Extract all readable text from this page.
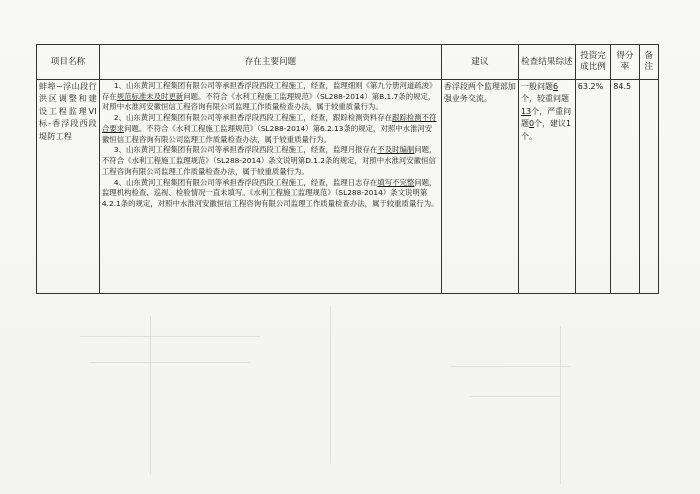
项目名称	存在主要问题	建议	检查结果综述	投资完成比例	得分率	备注
蚌埠~浮山段行洪区调整和建设工程监理VI标-香浮段西段堤防工程	1、山东黄河工程集团有限公司等承担香浮段西段工程施工，经查，监理细则《第九分册河道疏浚》存在规范标准未及时更新问题。不符合《水利工程施工监理规范》（SL288-2014）第B.1.7条的规定，对照中水淮河安徽恒信工程咨询有限公司监理工作质量检查办法，属于较重质量行为。

2、山东黄河工程集团有限公司等承担香浮段西段工程施工，经查，跟踪检测资料存在跟踪检测不符合要求问题。不符合《水利工程施工监理规范》（SL288-2014）第6.2.13条的规定，对照中水淮河安徽恒信工程咨询有限公司监理工作质量检查办法，属于较重质量行为。

3、山东黄河工程集团有限公司等承担香浮段西段工程施工，经查，监理月报存在不及时编制问题，不符合《水利工程施工监理规范》（SL288-2014）条文说明第D.1.2条的规定，对照中水淮河安徽恒信工程咨询有限公司监理工作质量检查办法，属于较重质量行为。

4、山东黄河工程集团有限公司等承担香浮段西段工程施工，经查，监理日志存在填写不完整问题，监理机构检查、巡视、检验情况一直未填写。《水利工程施工监理规范》（SL288-2014）条文说明第4.2.1条的规定，对照中水淮河安徽恒信工程咨询有限公司监理工作质量检查办法，属于较重质量行为。	香浮段两个监理部加强业务交流。	一般问题6个，较重问题13个，严重问题0个，建议1个。	63.2%	84.5	
